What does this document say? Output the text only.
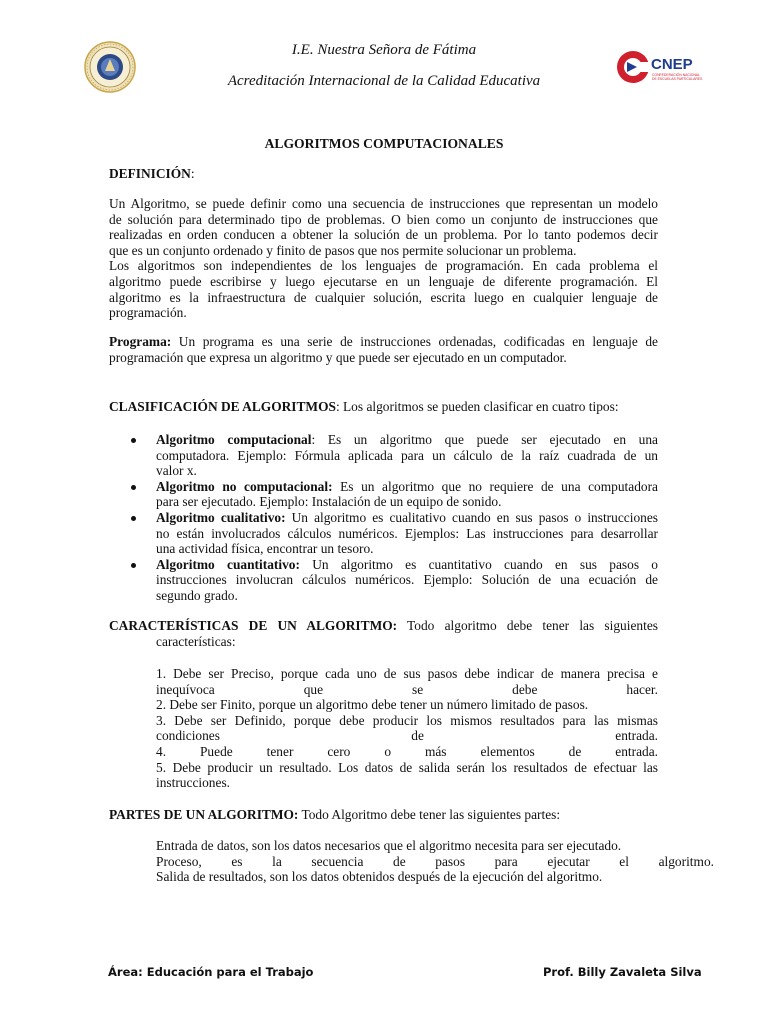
CNEP
CONFEDERACIÓN NACIONAL
DE ESCUELAS PARTICULARES
I.E. Nuestra Señora de Fátima
Acreditación Internacional de la Calidad Educativa
ALGORITMOS COMPUTACIONALES
DEFINICIÓN:
Un Algoritmo, se puede definir como una secuencia de instrucciones que representan un modelo
de solución para determinado tipo de problemas. O bien como un conjunto de instrucciones que
realizadas en orden conducen a obtener la solución de un problema. Por lo tanto podemos decir
que es un conjunto ordenado y finito de pasos que nos permite solucionar un problema.
Los algoritmos son independientes de los lenguajes de programación. En cada problema el
algoritmo puede escribirse y luego ejecutarse en un lenguaje de diferente programación. El
algoritmo es la infraestructura de cualquier solución, escrita luego en cualquier lenguaje de
programación.
Programa: Un programa es una serie de instrucciones ordenadas, codificadas en lenguaje de
programación que expresa un algoritmo y que puede ser ejecutado en un computador.
CLASIFICACIÓN DE ALGORITMOS: Los algoritmos se pueden clasificar en cuatro tipos:
Algoritmo computacional: Es un algoritmo que puede ser ejecutado en una
computadora. Ejemplo: Fórmula aplicada para un cálculo de la raíz cuadrada de un
valor x.
Algoritmo no computacional: Es un algoritmo que no requiere de una computadora
para ser ejecutado. Ejemplo: Instalación de un equipo de sonido.
Algoritmo cualitativo: Un algoritmo es cualitativo cuando en sus pasos o instrucciones
no están involucrados cálculos numéricos. Ejemplos: Las instrucciones para desarrollar
una actividad física, encontrar un tesoro.
Algoritmo cuantitativo: Un algoritmo es cuantitativo cuando en sus pasos o
instrucciones involucran cálculos numéricos. Ejemplo: Solución de una ecuación de
segundo grado.
CARACTERÍSTICAS DE UN ALGORITMO: Todo algoritmo debe tener las siguientes
características:
1. Debe ser Preciso, porque cada uno de sus pasos debe indicar de manera precisa e
inequívoca que se debe hacer.
2. Debe ser Finito, porque un algoritmo debe tener un número limitado de pasos.
3. Debe ser Definido, porque debe producir los mismos resultados para las mismas
condiciones de entrada.
4. Puede tener cero o más elementos de entrada.
5. Debe producir un resultado. Los datos de salida serán los resultados de efectuar las
instrucciones.
PARTES DE UN ALGORITMO: Todo Algoritmo debe tener las siguientes partes:
Entrada de datos, son los datos necesarios que el algoritmo necesita para ser ejecutado.
Proceso, es la secuencia de pasos para ejecutar el algoritmo.
Salida de resultados, son los datos obtenidos después de la ejecución del algoritmo.
Área: Educación para el Trabajo	Prof. Billy Zavaleta Silva
